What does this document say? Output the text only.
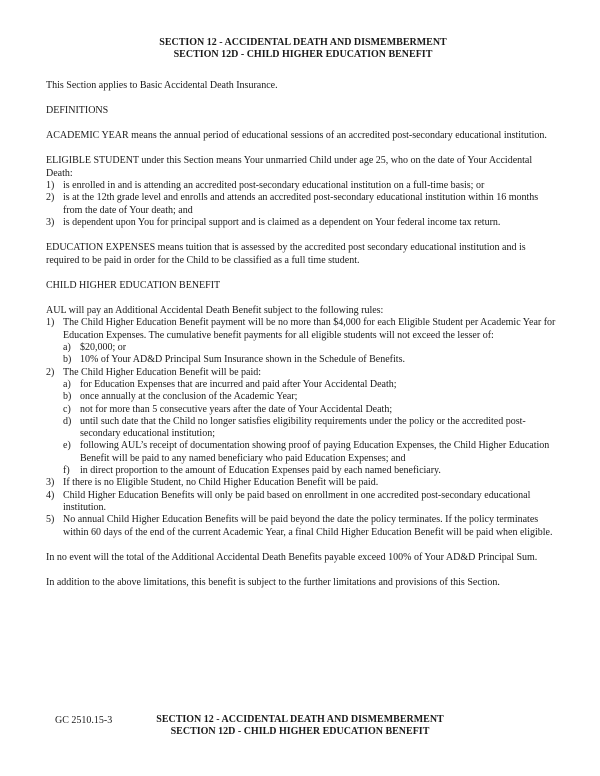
SECTION 12 - ACCIDENTAL DEATH AND DISMEMBERMENT
SECTION 12D - CHILD HIGHER EDUCATION BENEFIT

This Section applies to Basic Accidental Death Insurance.

DEFINITIONS

ACADEMIC YEAR means the annual period of educational sessions of an accredited post-secondary educational institution.

ELIGIBLE STUDENT under this Section means Your unmarried Child under age 25, who on the date of Your Accidental Death:

1) is enrolled in and is attending an accredited post-secondary educational institution on a full-time basis; or
2) is at the 12th grade level and enrolls and attends an accredited post-secondary educational institution within 16 months from the date of Your death; and
3) is dependent upon You for principal support and is claimed as a dependent on Your federal income tax return.

EDUCATION EXPENSES means tuition that is assessed by the accredited post secondary educational institution and is required to be paid in order for the Child to be classified as a full time student.

CHILD HIGHER EDUCATION BENEFIT

AUL will pay an Additional Accidental Death Benefit subject to the following rules:

1) The Child Higher Education Benefit payment will be no more than $4,000 for each Eligible Student per Academic Year for Education Expenses. The cumulative benefit payments for all eligible students will not exceed the lesser of:
a) $20,000; or
b) 10% of Your AD&D Principal Sum Insurance shown in the Schedule of Benefits.
2) The Child Higher Education Benefit will be paid:
a) for Education Expenses that are incurred and paid after Your Accidental Death;
b) once annually at the conclusion of the Academic Year;
c) not for more than 5 consecutive years after the date of Your Accidental Death;
d) until such date that the Child no longer satisfies eligibility requirements under the policy or the accredited post-secondary educational institution;
e) following AUL’s receipt of documentation showing proof of paying Education Expenses, the Child Higher Education Benefit will be paid to any named beneficiary who paid Education Expenses; and
f)	in direct proportion to the amount of Education Expenses paid by each named beneficiary.
3) If there is no Eligible Student, no Child Higher Education Benefit will be paid.
4) Child Higher Education Benefits will only be paid based on enrollment in one accredited post-secondary educational institution.
5) No annual Child Higher Education Benefits will be paid beyond the date the policy terminates. If the policy terminates within 60 days of the end of the current Academic Year, a final Child Higher Education Benefit will be paid when eligible.

In no event will the total of the Additional Accidental Death Benefits payable exceed 100% of Your AD&D Principal Sum.

In addition to the above limitations, this benefit is subject to the further limitations and provisions of this Section.

GC 2510.15-3	SECTION 12 - ACCIDENTAL DEATH AND DISMEMBERMENT
SECTION 12D - CHILD HIGHER EDUCATION BENEFIT
